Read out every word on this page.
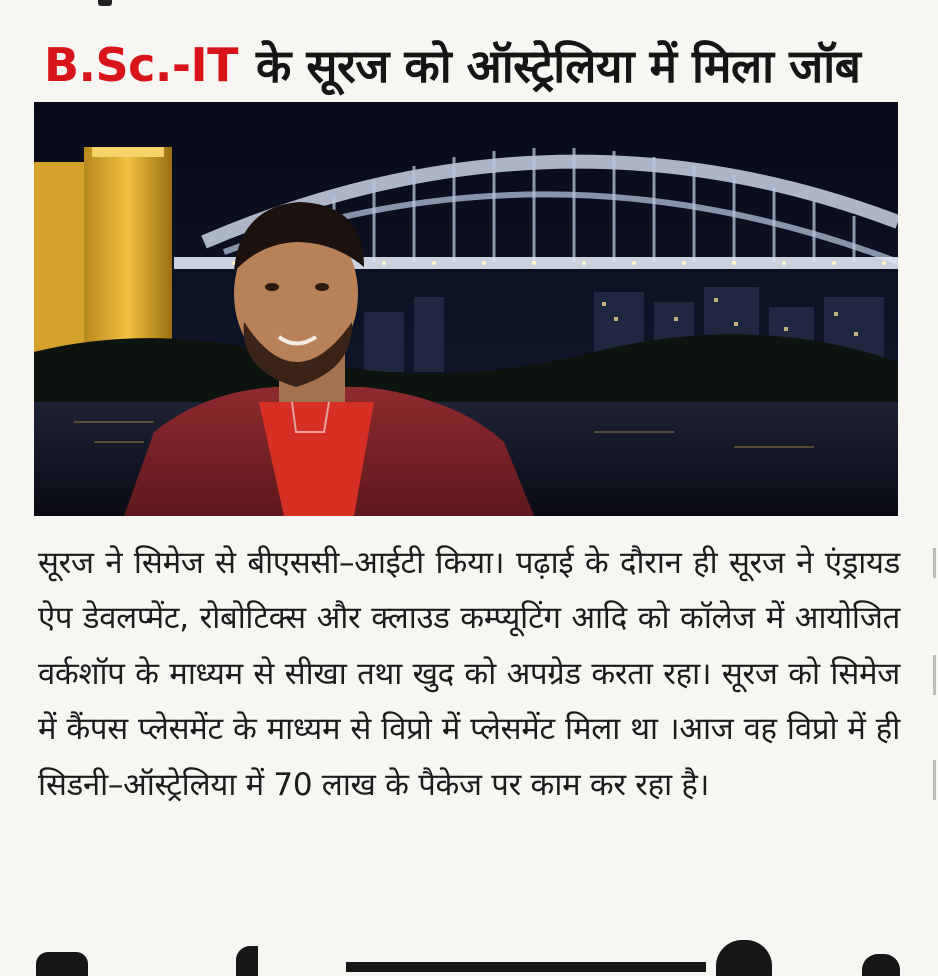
B.Sc.-IT के सूरज को ऑस्ट्रेलिया में मिला जॉब
सूरज ने सिमेज से बीएससी–आईटी किया। पढ़ाई के दौरान ही सूरज ने एंड्रायड ऐप डेवलप्मेंट, रोबोटिक्स और क्लाउड कम्प्यूटिंग आदि को कॉलेज में आयोजित वर्कशॉप के माध्यम से सीखा तथा खुद को अपग्रेड करता रहा। सूरज को सिमेज में कैंपस प्लेसमेंट के माध्यम से विप्रो में प्लेसमेंट मिला था ।आज वह विप्रो में ही सिडनी–ऑस्ट्रेलिया में 70 लाख के पैकेज पर काम कर रहा है।
